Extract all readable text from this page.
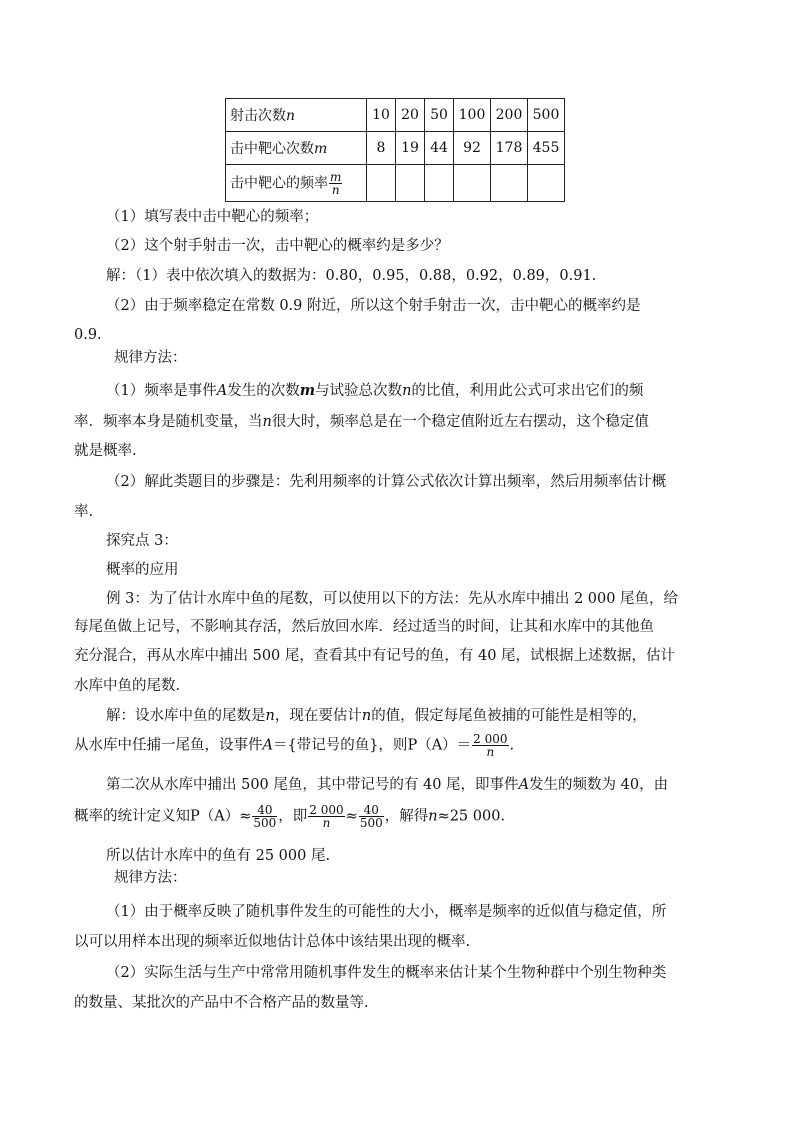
射击次数n	10	20	50	100	200	500
击中靶心次数m	8	19	44	92	178	455
击中靶心的频率 $\frac{m}{n}$

（1）填写表中击中靶心的频率；
（2）这个射手射击一次，击中靶心的概率约是多少？
解：（1）表中依次填入的数据为：0.80，0.95，0.88，0.92，0.89，0.91.
（2）由于频率稳定在常数 0.9 附近，所以这个射手射击一次，击中靶心的概率约是
0.9.
规律方法：
（1）频率是事件A发生的次数m与试验总次数n的比值，利用此公式可求出它们的频
率．频率本身是随机变量，当n很大时，频率总是在一个稳定值附近左右摆动，这个稳定值
就是概率.
（2）解此类题目的步骤是：先利用频率的计算公式依次计算出频率，然后用频率估计概
率.
探究点 3：
概率的应用
例 3：为了估计水库中鱼的尾数，可以使用以下的方法：先从水库中捕出 2 000 尾鱼，给
每尾鱼做上记号，不影响其存活，然后放回水库．经过适当的时间，让其和水库中的其他鱼
充分混合，再从水库中捕出 500 尾，查看其中有记号的鱼，有 40 尾，试根据上述数据，估计
水库中鱼的尾数.
解：设水库中鱼的尾数是n，现在要估计n的值，假定每尾鱼被捕的可能性是相等的，
从水库中任捕一尾鱼，设事件A＝{带记号的鱼}，则$P(A)= \frac{2 000}{n}$ .
第二次从水库中捕出 500 尾鱼，其中带记号的有 40 尾，即事件A发生的频数为 40，由
概率的统计定义知$P(A)\approx \frac{40}{500}$ ，即 $\frac{2 000}{n} \approx \frac{40}{500}$ ，解得n≈25 000.
所以估计水库中的鱼有 25 000 尾.
规律方法：
（1）由于概率反映了随机事件发生的可能性的大小，概率是频率的近似值与稳定值，所
以可以用样本出现的频率近似地估计总体中该结果出现的概率.
（2）实际生活与生产中常常用随机事件发生的概率来估计某个生物种群中个别生物种类
的数量、某批次的产品中不合格产品的数量等.
